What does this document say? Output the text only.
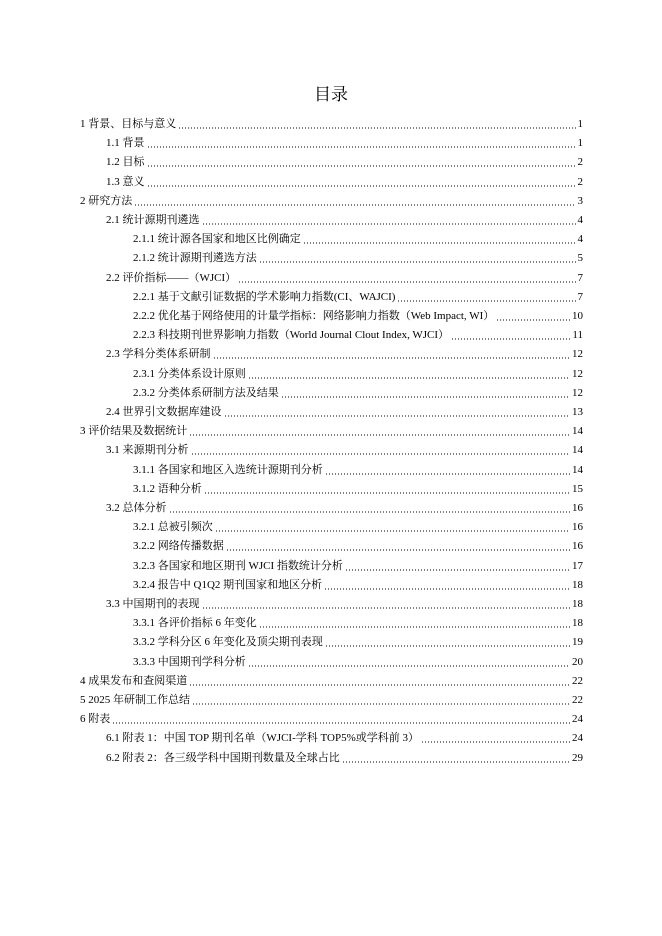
目录
1 背景、目标与意义	1
1.1 背景	1
1.2 目标	2
1.3 意义	2
2 研究方法	3
2.1 统计源期刊遴选	4
2.1.1 统计源各国家和地区比例确定	4
2.1.2 统计源期刊遴选方法	5
2.2 评价指标——（WJCI）	7
2.2.1 基于文献引证数据的学术影响力指数(CI、WAJCI)	7
2.2.2 优化基于网络使用的计量学指标：网络影响力指数（Web Impact, WI）	10
2.2.3 科技期刊世界影响力指数（World Journal Clout Index, WJCI）	11
2.3 学科分类体系研制	12
2.3.1 分类体系设计原则	12
2.3.2 分类体系研制方法及结果	12
2.4 世界引文数据库建设	13
3 评价结果及数据统计	14
3.1 来源期刊分析	14
3.1.1 各国家和地区入选统计源期刊分析	14
3.1.2 语种分析	15
3.2 总体分析	16
3.2.1 总被引频次	16
3.2.2 网络传播数据	16
3.2.3 各国家和地区期刊 WJCI 指数统计分析	17
3.2.4 报告中 Q1Q2 期刊国家和地区分析	18
3.3 中国期刊的表现	18
3.3.1 各评价指标 6 年变化	18
3.3.2 学科分区 6 年变化及顶尖期刊表现	19
3.3.3 中国期刊学科分析	20
4 成果发布和查阅渠道	22
5 2025 年研制工作总结	22
6 附表	24
6.1 附表 1：中国 TOP 期刊名单（WJCI-学科 TOP5%或学科前 3）	24
6.2 附表 2：各三级学科中国期刊数量及全球占比	29
